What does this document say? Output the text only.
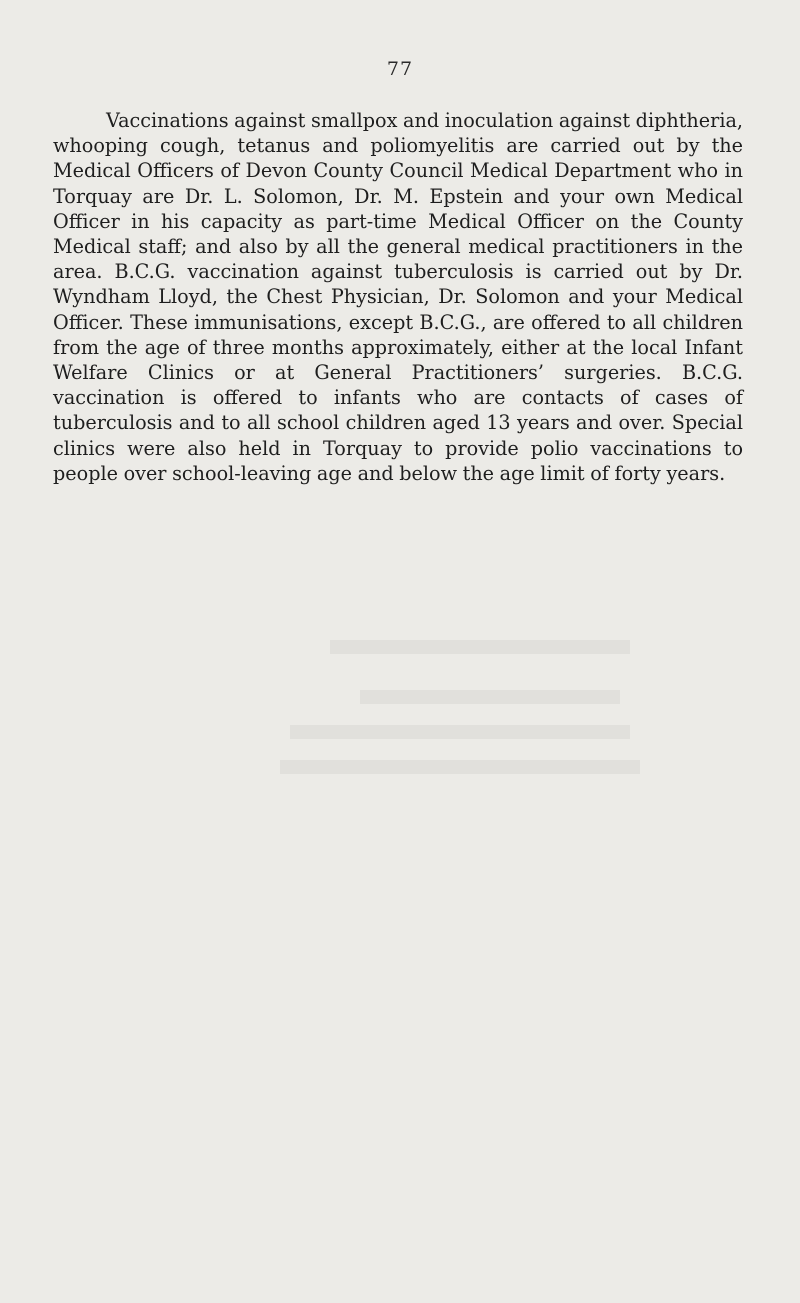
77

Vaccinations against smallpox and inoculation against diphtheria, whooping cough, tetanus and poliomyelitis are carried out by the Medical Officers of Devon County Council Medical Department who in Torquay are Dr. L. Solomon, Dr. M. Epstein and your own Medical Officer in his capacity as part-time Medical Officer on the County Medical staff; and also by all the general medical practitioners in the area. B.C.G. vaccination against tuberculosis is carried out by Dr. Wyndham Lloyd, the Chest Physician, Dr. Solomon and your Medical Officer. These immunisations, except B.C.G., are offered to all children from the age of three months approximately, either at the local Infant Welfare Clinics or at General Practitioners’ surgeries. B.C.G. vaccination is offered to infants who are contacts of cases of tuberculosis and to all school children aged 13 years and over. Special clinics were also held in Torquay to provide polio vaccinations to people over school-leaving age and below the age limit of forty years.
